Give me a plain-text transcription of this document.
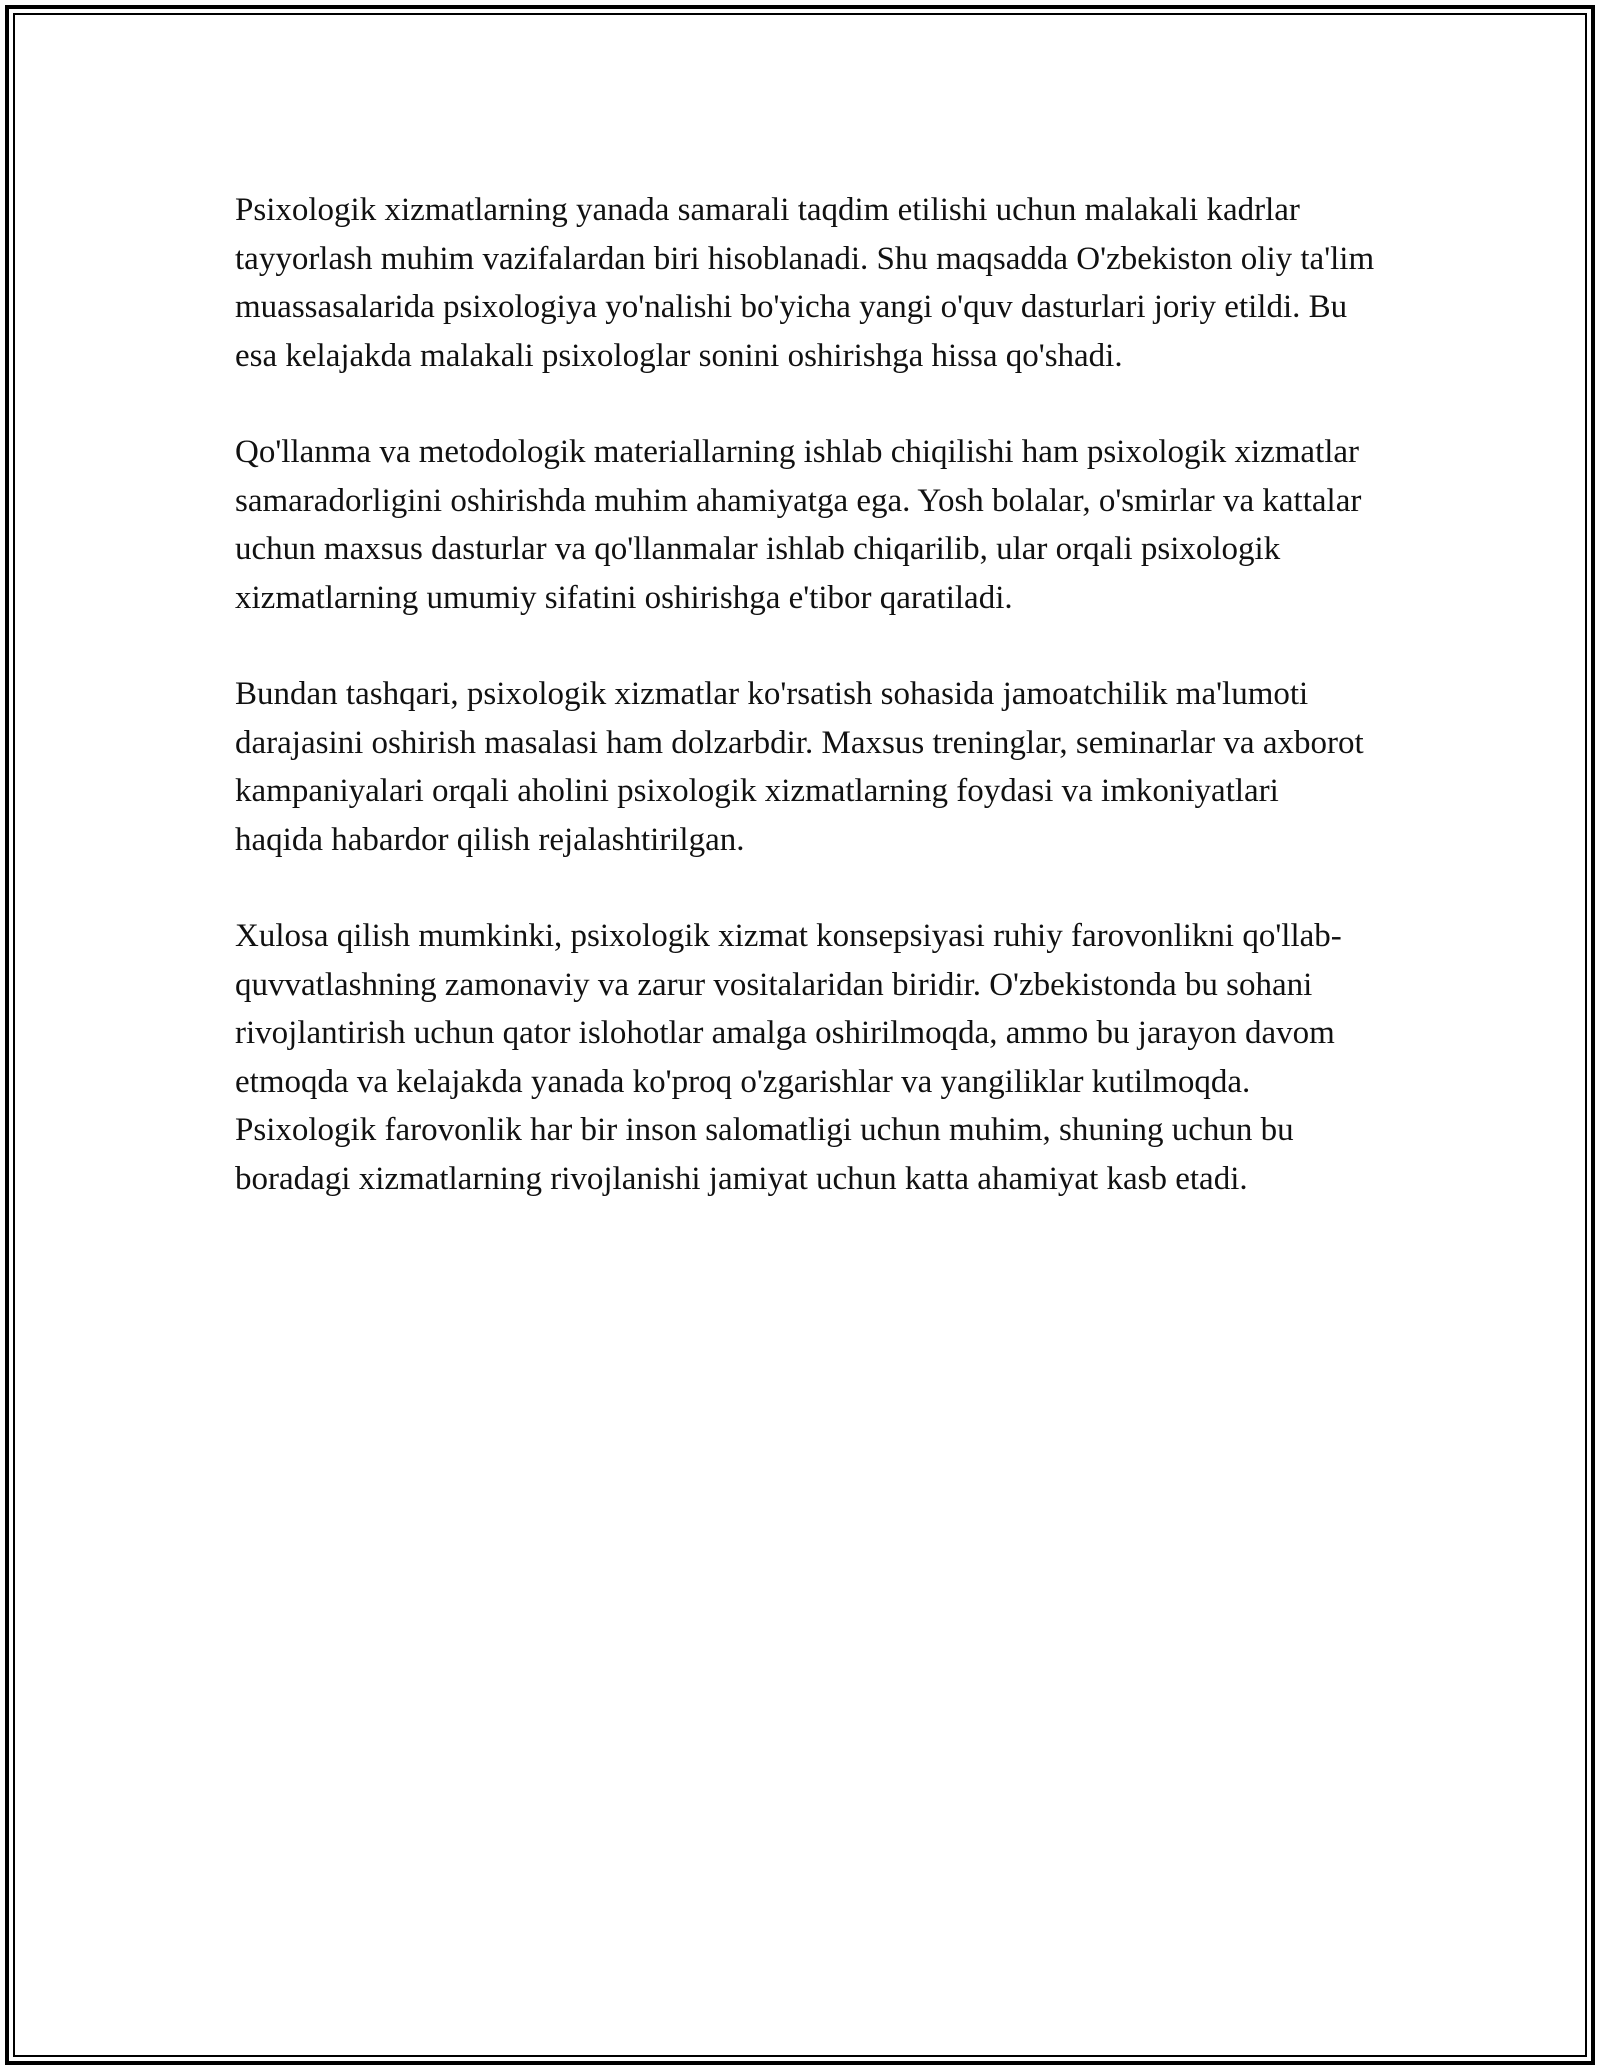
Psixologik xizmatlarning yanada samarali taqdim etilishi uchun malakali kadrlar tayyorlash muhim vazifalardan biri hisoblanadi. Shu maqsadda O'zbekiston oliy ta'lim muassasalarida psixologiya yo'nalishi bo'yicha yangi o'quv dasturlari joriy etildi. Bu esa kelajakda malakali psixologlar sonini oshirishga hissa qo'shadi.

Qo'llanma va metodologik materiallarning ishlab chiqilishi ham psixologik xizmatlar samaradorligini oshirishda muhim ahamiyatga ega. Yosh bolalar, o'smirlar va kattalar uchun maxsus dasturlar va qo'llanmalar ishlab chiqarilib, ular orqali psixologik xizmatlarning umumiy sifatini oshirishga e'tibor qaratiladi.

Bundan tashqari, psixologik xizmatlar ko'rsatish sohasida jamoatchilik ma'lumoti darajasini oshirish masalasi ham dolzarbdir. Maxsus treninglar, seminarlar va axborot kampaniyalari orqali aholini psixologik xizmatlarning foydasi va imkoniyatlari haqida habardor qilish rejalashtirilgan.

Xulosa qilish mumkinki, psixologik xizmat konsepsiyasi ruhiy farovonlikni qo'llab-quvvatlashning zamonaviy va zarur vositalaridan biridir. O'zbekistonda bu sohani rivojlantirish uchun qator islohotlar amalga oshirilmoqda, ammo bu jarayon davom etmoqda va kelajakda yanada ko'proq o'zgarishlar va yangiliklar kutilmoqda. Psixologik farovonlik har bir inson salomatligi uchun muhim, shuning uchun bu boradagi xizmatlarning rivojlanishi jamiyat uchun katta ahamiyat kasb etadi.
